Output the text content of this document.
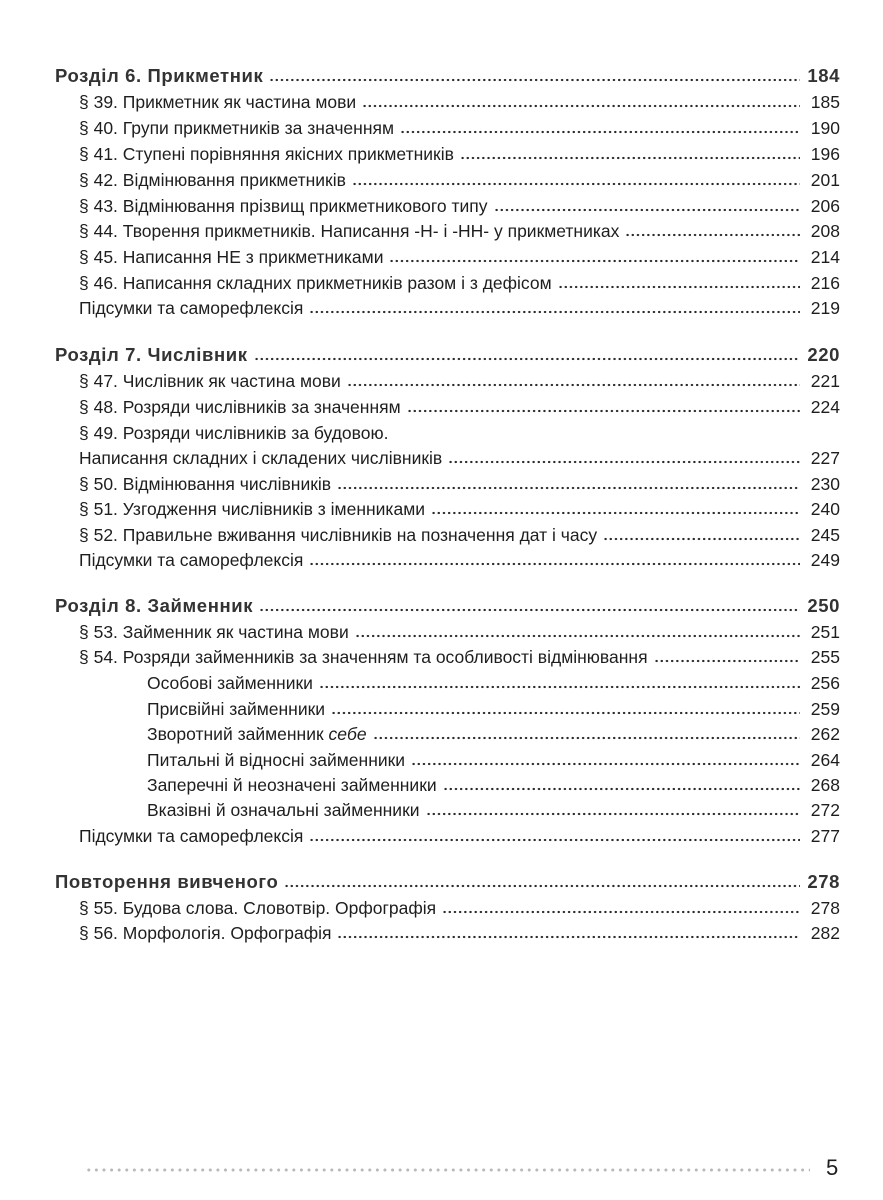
Розділ 6. Прикметник	184
§ 39. Прикметник як частина мови	185
§ 40. Групи прикметників за значенням	190
§ 41. Ступені порівняння якісних прикметників	196
§ 42. Відмінювання прикметників	201
§ 43. Відмінювання прізвищ прикметникового типу	206
§ 44. Творення прикметників. Написання -Н- і -НН- у прикметниках	208
§ 45. Написання НЕ з прикметниками	214
§ 46. Написання складних прикметників разом і з дефісом	216
Підсумки та саморефлексія	219
Розділ 7. Числівник	220
§ 47. Числівник як частина мови	221
§ 48. Розряди числівників за значенням	224
§ 49. Розряди числівників за будовою.
Написання складних і складених числівників	227
§ 50. Відмінювання числівників	230
§ 51. Узгодження числівників з іменниками	240
§ 52. Правильне вживання числівників на позначення дат і часу	245
Підсумки та саморефлексія	249
Розділ 8. Займенник	250
§ 53. Займенник як частина мови	251
§ 54. Розряди займенників за значенням та особливості відмінювання	255
Особові займенники	256
Присвійні займенники	259
Зворотний займенник себе	262
Питальні й відносні займенники	264
Заперечні й неозначені займенники	268
Вказівні й означальні займенники	272
Підсумки та саморефлексія	277
Повторення вивченого	278
§ 55. Будова слова. Словотвір. Орфографія	278
§ 56. Морфологія. Орфографія	282
5
